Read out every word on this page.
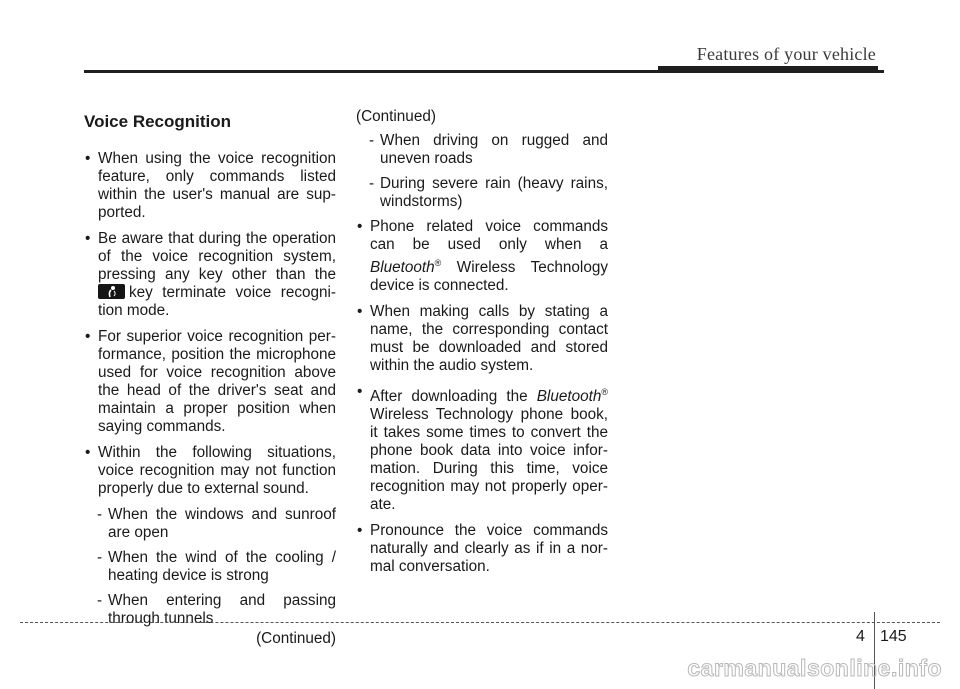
Features of your vehicle
Voice Recognition
• When using the voice recognition feature, only commands listed within the user's manual are sup-ported.
• Be aware that during the operation of the voice recognition system, pressing any key other than the
key terminate voice recogni-tion mode.
• For superior voice recognition per-formance, position the microphone used for voice recognition above the head of the driver's seat and maintain a proper position when saying commands.
• Within the following situations, voice recognition may not function properly due to external sound.
- When the windows and sunroof are open
- When the wind of the cooling / heating device is strong
- When entering and passing through tunnels
(Continued)
(Continued)
- When driving on rugged and uneven roads
- During severe rain (heavy rains, windstorms)
• Phone related voice commands can be used only when a Bluetooth® Wireless Technology device is connected.
• When making calls by stating a name, the corresponding contact must be downloaded and stored within the audio system.
• After downloading the Bluetooth® Wireless Technology phone book, it takes some times to convert the phone book data into voice infor-mation. During this time, voice recognition may not properly oper-ate.
• Pronounce the voice commands naturally and clearly as if in a nor-mal conversation.
4 145
carmanualsonline.info
